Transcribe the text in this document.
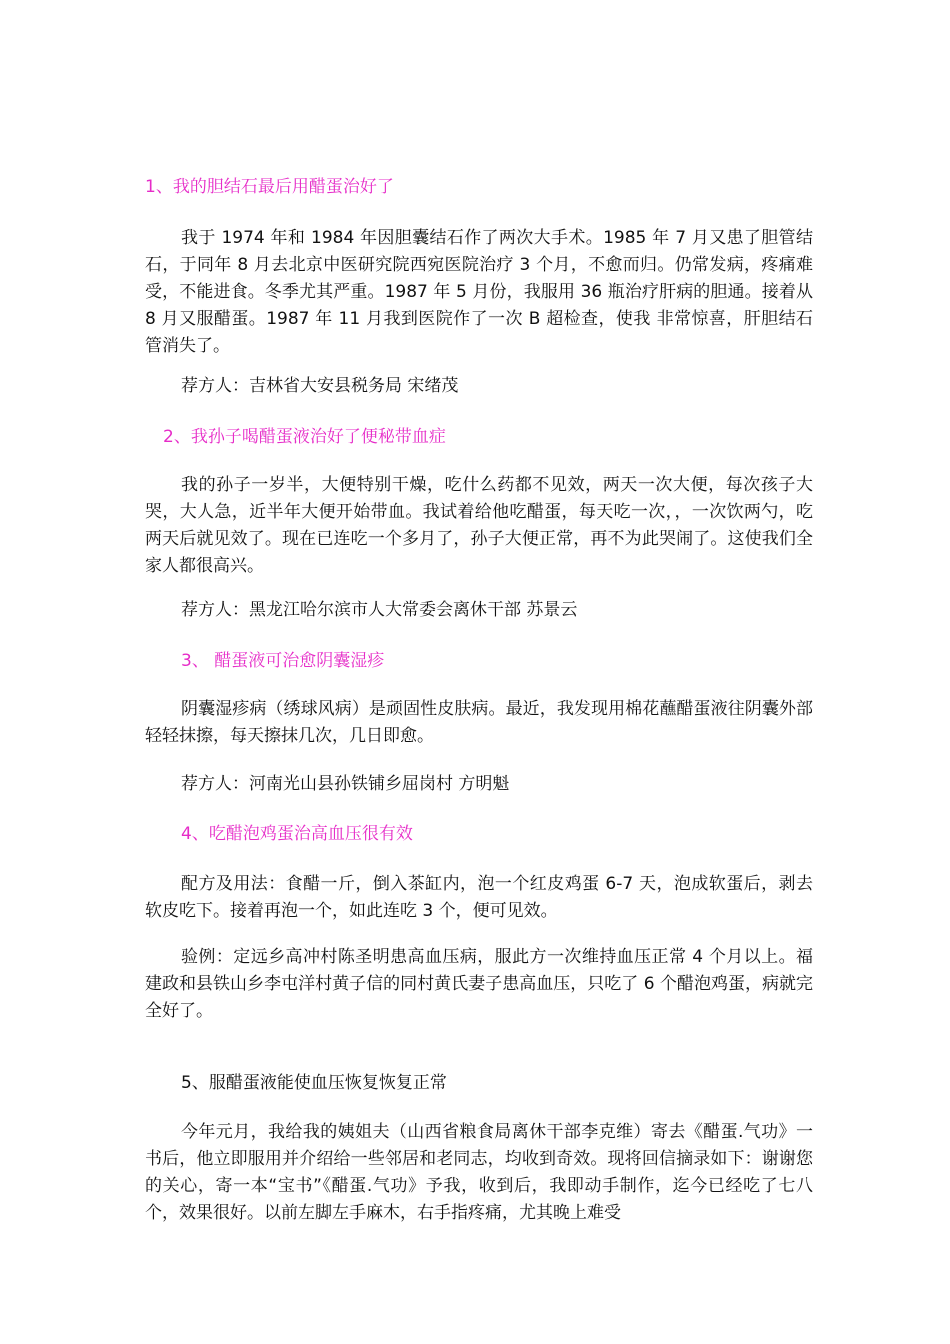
1、我的胆结石最后用醋蛋治好了

我于 1974 年和 1984 年因胆囊结石作了两次大手术。1985 年 7 月又患了胆管结石，于同年 8 月去北京中医研究院西宛医院治疗 3 个月，不愈而归。仍常发病，疼痛难受，不能进食。冬季尤其严重。1987 年 5 月份，我服用 36 瓶治疗肝病的胆通。接着从 8 月又服醋蛋。1987 年 11 月我到医院作了一次 B 超检查，使我 非常惊喜，肝胆结石管消失了。

荐方人：吉林省大安县税务局 宋绪茂
2、我孙子喝醋蛋液治好了便秘带血症

我的孙子一岁半，大便特别干燥，吃什么药都不见效，两天一次大便，每次孩子大哭，大人急，近半年大便开始带血。我试着给他吃醋蛋，每天吃一次，，一次饮两勺，吃两天后就见效了。现在已连吃一个多月了，孙子大便正常，再不为此哭闹了。这使我们全家人都很高兴。

荐方人：黑龙江哈尔滨市人大常委会离休干部 苏景云
3、 醋蛋液可治愈阴囊湿疹

阴囊湿疹病（绣球风病）是顽固性皮肤病。最近，我发现用棉花蘸醋蛋液往阴囊外部轻轻抹擦，每天擦抹几次，几日即愈。

荐方人：河南光山县孙铁铺乡屈岗村 方明魁
4、吃醋泡鸡蛋治高血压很有效

配方及用法：食醋一斤，倒入茶缸内，泡一个红皮鸡蛋 6-7 天，泡成软蛋后，剥去软皮吃下。接着再泡一个，如此连吃 3 个，便可见效。

验例：定远乡高冲村陈圣明患高血压病，服此方一次维持血压正常 4 个月以上。福建政和县铁山乡李屯洋村黄子信的同村黄氏妻子患高血压，只吃了 6 个醋泡鸡蛋，病就完全好了。

5、服醋蛋液能使血压恢复恢复正常

今年元月，我给我的姨姐夫（山西省粮食局离休干部李克维）寄去《醋蛋.气功》一书后，他立即服用并介绍给一些邻居和老同志，均收到奇效。现将回信摘录如下：谢谢您的关心，寄一本“宝书”《醋蛋.气功》予我，收到后，我即动手制作，迄今已经吃了七八个，效果很好。以前左脚左手麻木，右手指疼痛，尤其晚上难受
